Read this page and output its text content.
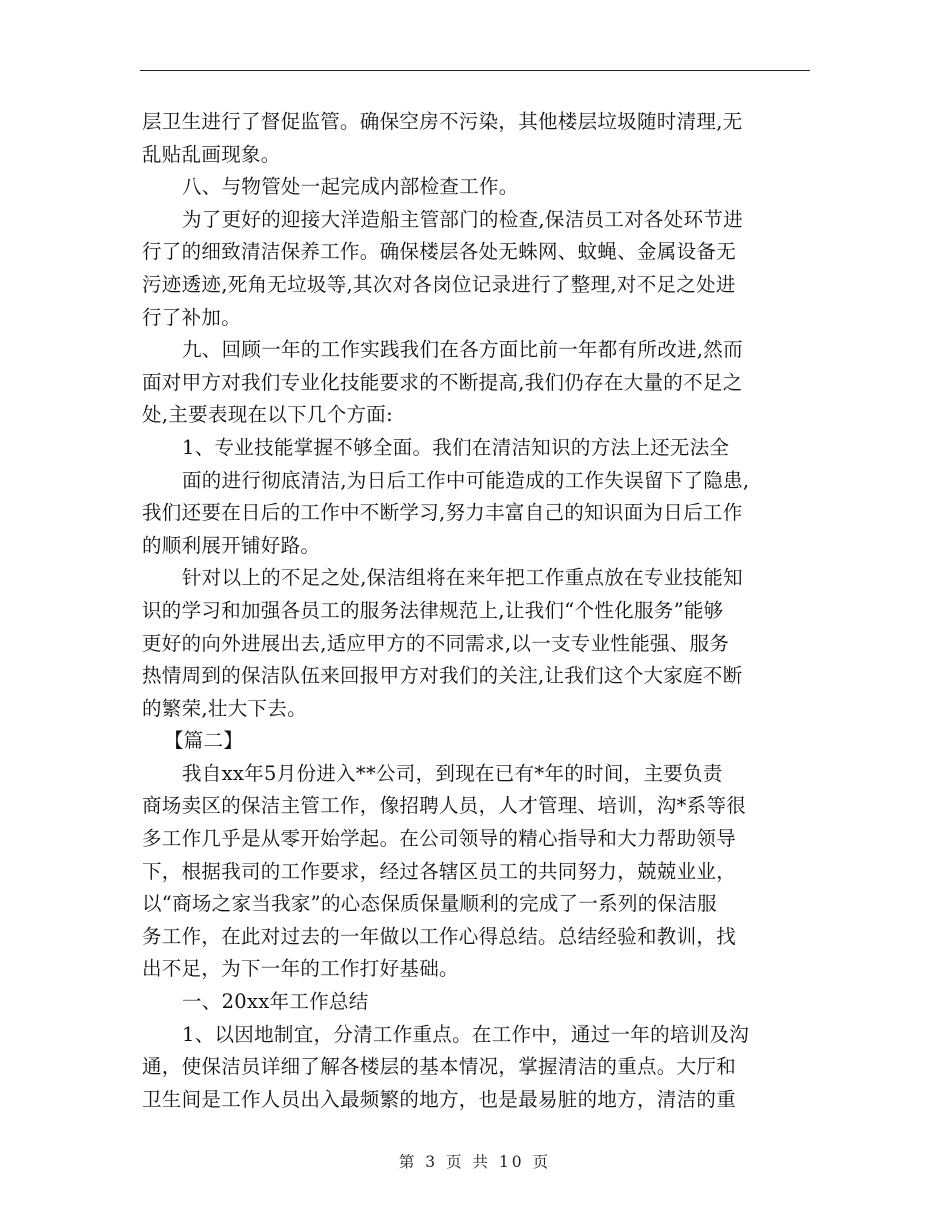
层卫生进行了督促监管。确保空房不污染，其他楼层垃圾随时清理,无
乱贴乱画现象。
八、与物管处一起完成内部检查工作。
为了更好的迎接大洋造船主管部门的检查,保洁员工对各处环节进
行了的细致清洁保养工作。确保楼层各处无蛛网、蚊蝇、金属设备无
污迹透迹,死角无垃圾等,其次对各岗位记录进行了整理,对不足之处进
行了补加。
九、回顾一年的工作实践我们在各方面比前一年都有所改进,然而
面对甲方对我们专业化技能要求的不断提高,我们仍存在大量的不足之
处,主要表现在以下几个方面:
1、专业技能掌握不够全面。我们在清洁知识的方法上还无法全
面的进行彻底清洁,为日后工作中可能造成的工作失误留下了隐患,
我们还要在日后的工作中不断学习,努力丰富自己的知识面为日后工作
的顺利展开铺好路。
针对以上的不足之处,保洁组将在来年把工作重点放在专业技能知
识的学习和加强各员工的服务法律规范上,让我们“个性化服务”能够
更好的向外进展出去,适应甲方的不同需求,以一支专业性能强、服务
热情周到的保洁队伍来回报甲方对我们的关注,让我们这个大家庭不断
的繁荣,壮大下去。
【篇二】
我自xx年5月份进入**公司，到现在已有*年的时间，主要负责
商场卖区的保洁主管工作，像招聘人员，人才管理、培训，沟*系等很
多工作几乎是从零开始学起。在公司领导的精心指导和大力帮助领导
下，根据我司的工作要求，经过各辖区员工的共同努力，兢兢业业，
以“商场之家当我家”的心态保质保量顺利的完成了一系列的保洁服
务工作，在此对过去的一年做以工作心得总结。总结经验和教训，找
出不足，为下一年的工作打好基础。
一、20xx年工作总结
1、以因地制宜，分清工作重点。在工作中，通过一年的培训及沟
通，使保洁员详细了解各楼层的基本情况，掌握清洁的重点。大厅和
卫生间是工作人员出入最频繁的地方，也是最易脏的地方，清洁的重
第 3 页 共 10 页
